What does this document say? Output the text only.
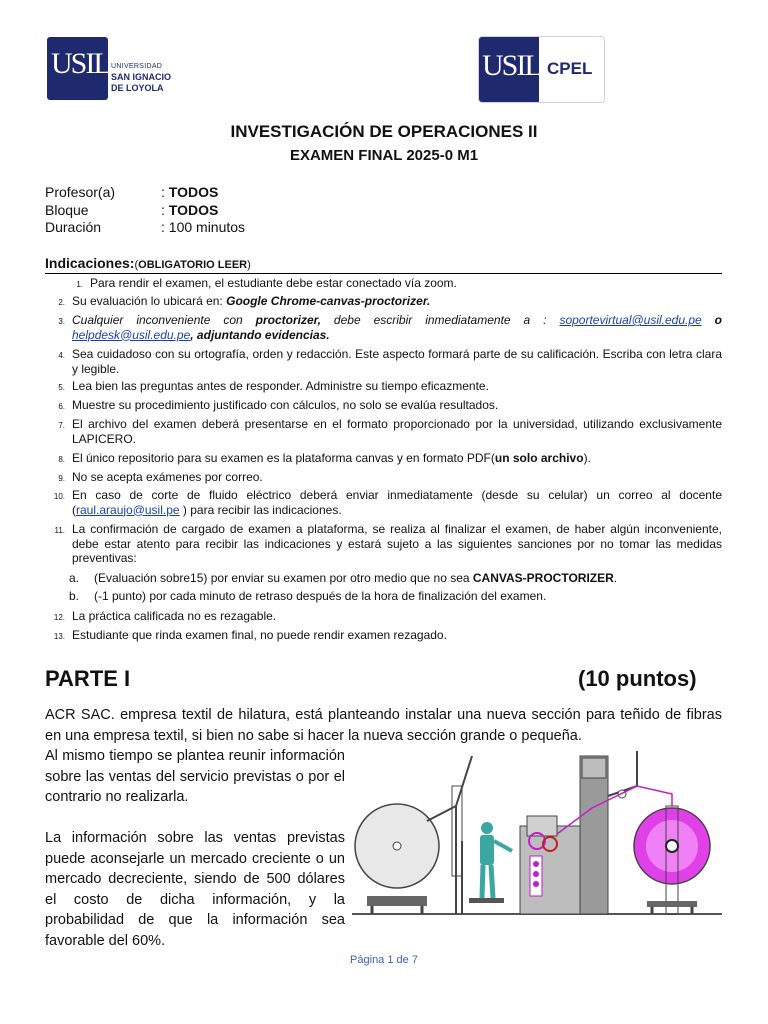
USIL UNIVERSIDAD
SAN IGNACIO
DE LOYOLA
USIL CPEL
INVESTIGACIÓN DE OPERACIONES II
EXAMEN FINAL 2025-0 M1
Profesor(a)	: TODOS
Bloque	: TODOS
Duración	: 100 minutos
Indicaciones:(OBLIGATORIO LEER)
1. Para rendir el examen, el estudiante debe estar conectado vía zoom.
2. Su evaluación lo ubicará en: Google Chrome-canvas-proctorizer.
3. Cualquier inconveniente con proctorizer, debe escribir inmediatamente a : soportevirtual@usil.edu.pe o helpdesk@usil.edu.pe, adjuntando evidencias.
4. Sea cuidadoso con su ortografía, orden y redacción. Este aspecto formará parte de su calificación. Escriba con letra clara y legible.
5. Lea bien las preguntas antes de responder. Administre su tiempo eficazmente.
6. Muestre su procedimiento justificado con cálculos, no solo se evalúa resultados.
7. El archivo del examen deberá presentarse en el formato proporcionado por la universidad, utilizando exclusivamente LAPICERO.
8. El único repositorio para su examen es la plataforma canvas y en formato PDF(un solo archivo).
9. No se acepta exámenes por correo.
10. En caso de corte de fluido eléctrico deberá enviar inmediatamente (desde su celular) un correo al docente (raul.araujo@usil.pe ) para recibir las indicaciones.
11. La confirmación de cargado de examen a plataforma, se realiza al finalizar el examen, de haber algún inconveniente, debe estar atento para recibir las indicaciones y estará sujeto a las siguientes sanciones por no tomar las medidas preventivas:
a. (Evaluación sobre15) por enviar su examen por otro medio que no sea CANVAS-PROCTORIZER.
b. (-1 punto) por cada minuto de retraso después de la hora de finalización del examen.
12. La práctica calificada no es rezagable.
13. Estudiante que rinda examen final, no puede rendir examen rezagado.
PARTE I	(10 puntos)
ACR SAC. empresa textil de hilatura, está planteando instalar una nueva sección para teñido de fibras en una empresa textil, si bien no sabe si hacer la nueva sección grande o pequeña.
Al mismo tiempo se plantea reunir información sobre las ventas del servicio previstas o por el contrario no realizarla.
La información sobre las ventas previstas puede aconsejarle un mercado creciente o un mercado decreciente, siendo de 500 dólares el costo de dicha información, y la probabilidad de que la información sea favorable del 60%.
Página 1 de 7
